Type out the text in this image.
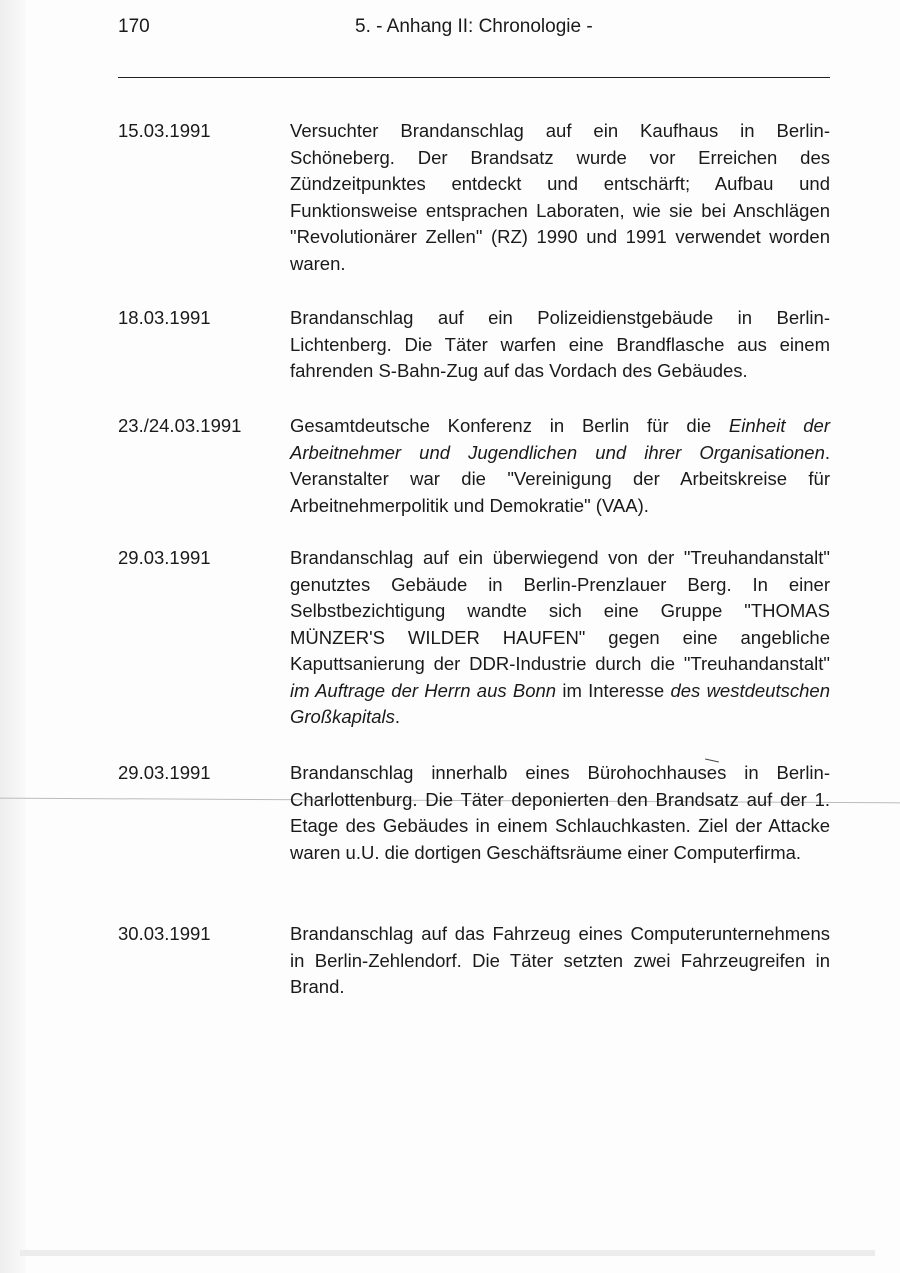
170	5. - Anhang II: Chronologie -
15.03.1991	Versuchter Brandanschlag auf ein Kaufhaus in Berlin-Schöneberg. Der Brandsatz wurde vor Erreichen des Zündzeitpunktes entdeckt und entschärft; Aufbau und Funktionsweise entsprachen Laboraten, wie sie bei Anschlägen "Revolutionärer Zellen" (RZ) 1990 und 1991 verwendet worden waren.
18.03.1991	Brandanschlag auf ein Polizeidienstgebäude in Berlin-Lichtenberg. Die Täter warfen eine Brandflasche aus einem fahrenden S-Bahn-Zug auf das Vordach des Gebäudes.
23./24.03.1991	Gesamtdeutsche Konferenz in Berlin für die Einheit der Arbeitnehmer und Jugendlichen und ihrer Organisationen. Veranstalter war die "Vereinigung der Arbeitskreise für Arbeitnehmerpolitik und Demokratie" (VAA).
29.03.1991	Brandanschlag auf ein überwiegend von der "Treuhandanstalt" genutztes Gebäude in Berlin-Prenzlauer Berg. In einer Selbstbezichtigung wandte sich eine Gruppe "THOMAS MÜNZER'S WILDER HAUFEN" gegen eine angebliche Kaputtsanierung der DDR-Industrie durch die "Treuhandanstalt" im Auftrage der Herrn aus Bonn im Interesse des westdeutschen Großkapitals.
29.03.1991	Brandanschlag innerhalb eines Bürohochhauses in Berlin-Charlottenburg. Die Täter deponierten den Brandsatz auf der 1. Etage des Gebäudes in einem Schlauchkasten. Ziel der Attacke waren u.U. die dortigen Geschäftsräume einer Computerfirma.
30.03.1991	Brandanschlag auf das Fahrzeug eines Computerunternehmens in Berlin-Zehlendorf. Die Täter setzten zwei Fahrzeugreifen in Brand.
